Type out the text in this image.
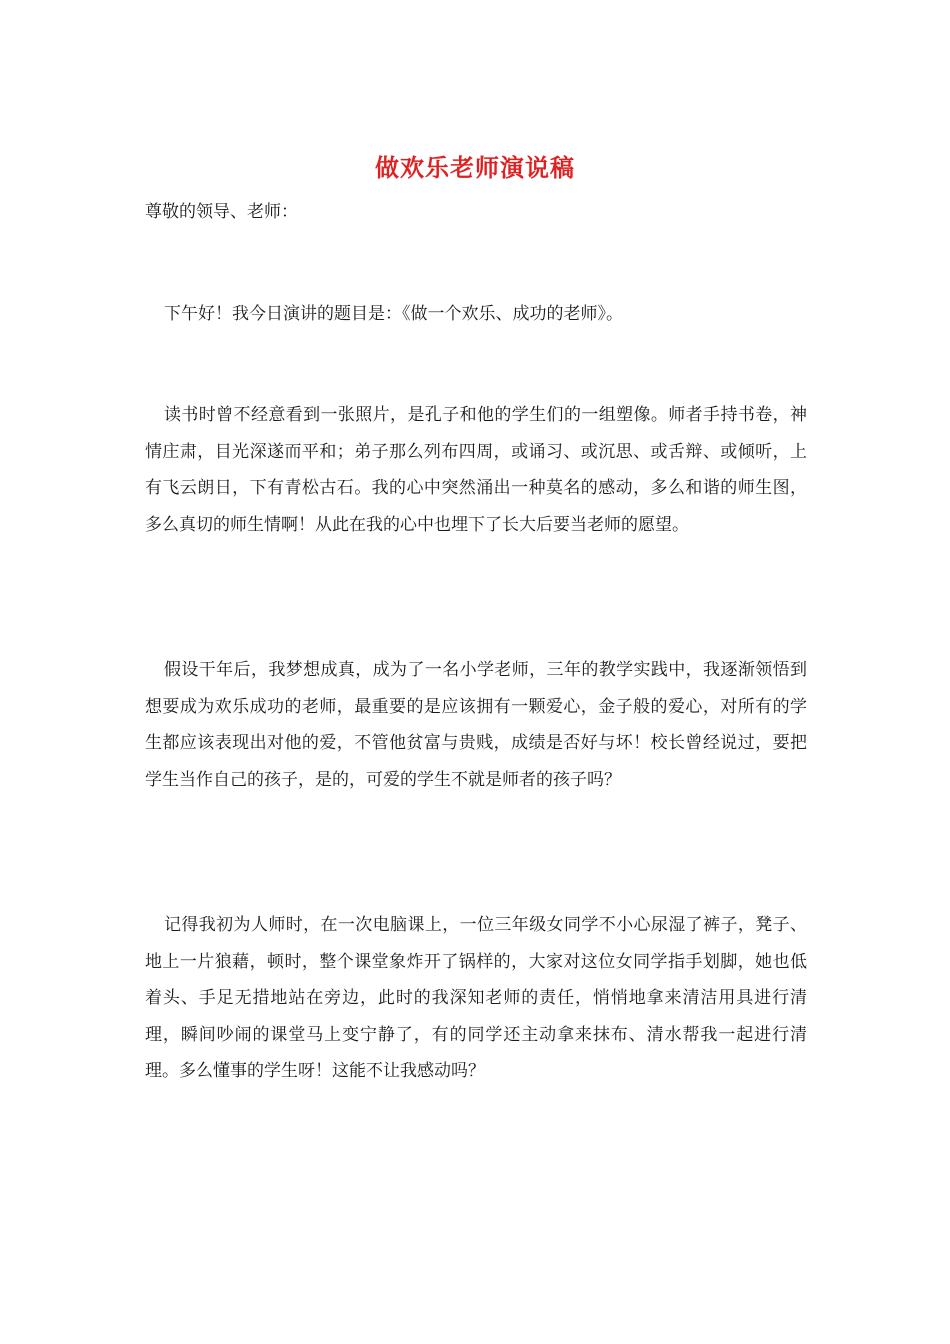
做欢乐老师演说稿
尊敬的领导、老师：

下午好！我今日演讲的题目是：《做一个欢乐、成功的老师》。

读书时曾不经意看到一张照片，是孔子和他的学生们的一组塑像。师者手持书卷，神情庄肃，目光深遂而平和；弟子那么列布四周，或诵习、或沉思、或舌辩、或倾听，上有飞云朗日，下有青松古石。我的心中突然涌出一种莫名的感动，多么和谐的师生图，多么真切的师生情啊！从此在我的心中也埋下了长大后要当老师的愿望。

假设干年后，我梦想成真，成为了一名小学老师，三年的教学实践中，我逐渐领悟到想要成为欢乐成功的老师，最重要的是应该拥有一颗爱心，金子般的爱心，对所有的学生都应该表现出对他的爱，不管他贫富与贵贱，成绩是否好与坏！校长曾经说过，要把学生当作自己的孩子，是的，可爱的学生不就是师者的孩子吗？

记得我初为人师时，在一次电脑课上，一位三年级女同学不小心尿湿了裤子，凳子、地上一片狼藉，顿时，整个课堂象炸开了锅样的，大家对这位女同学指手划脚，她也低着头、手足无措地站在旁边，此时的我深知老师的责任，悄悄地拿来清洁用具进行清理，瞬间吵闹的课堂马上变宁静了，有的同学还主动拿来抹布、清水帮我一起进行清理。多么懂事的学生呀！这能不让我感动吗？
